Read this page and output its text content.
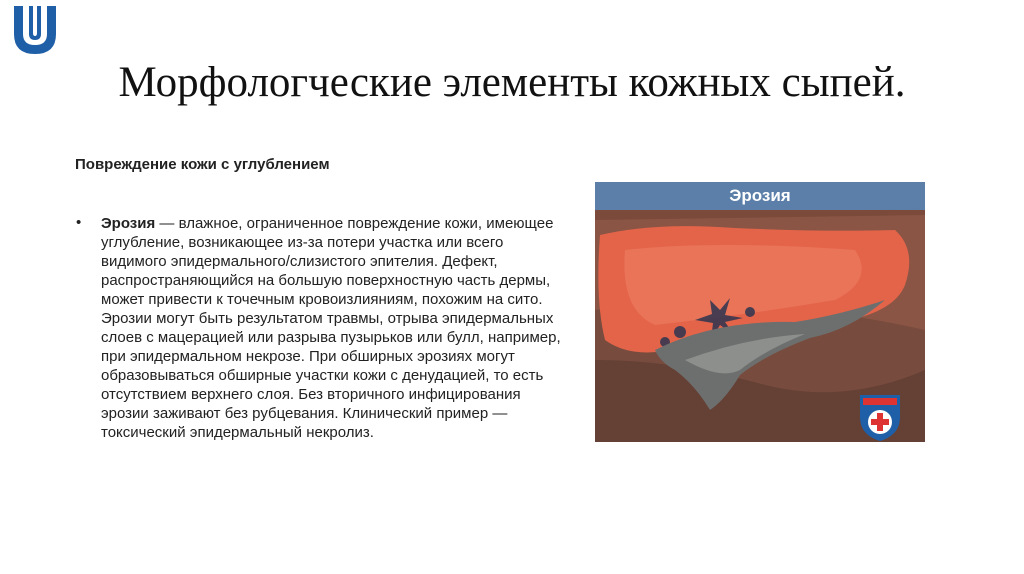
Морфологческие элементы кожных сыпей.
Повреждение кожи с углублением
• Эрозия — влажное, ограниченное повреждение кожи, имеющее углубление, возникающее из-за потери участка или всего видимого эпидермального/слизистого эпителия. Дефект, распространяющийся на большую поверхностную часть дермы, может привести к точечным кровоизлияниям, похожим на сито. Эрозии могут быть результатом травмы, отрыва эпидермальных слоев с мацерацией или разрыва пузырьков или булл, например, при эпидермальном некрозе. При обширных эрозиях могут образовываться обширные участки кожи с денудацией, то есть отсутствием верхнего слоя. Без вторичного инфицирования эрозии заживают без рубцевания. Клинический пример — токсический эпидермальный некролиз.
Эрозия
